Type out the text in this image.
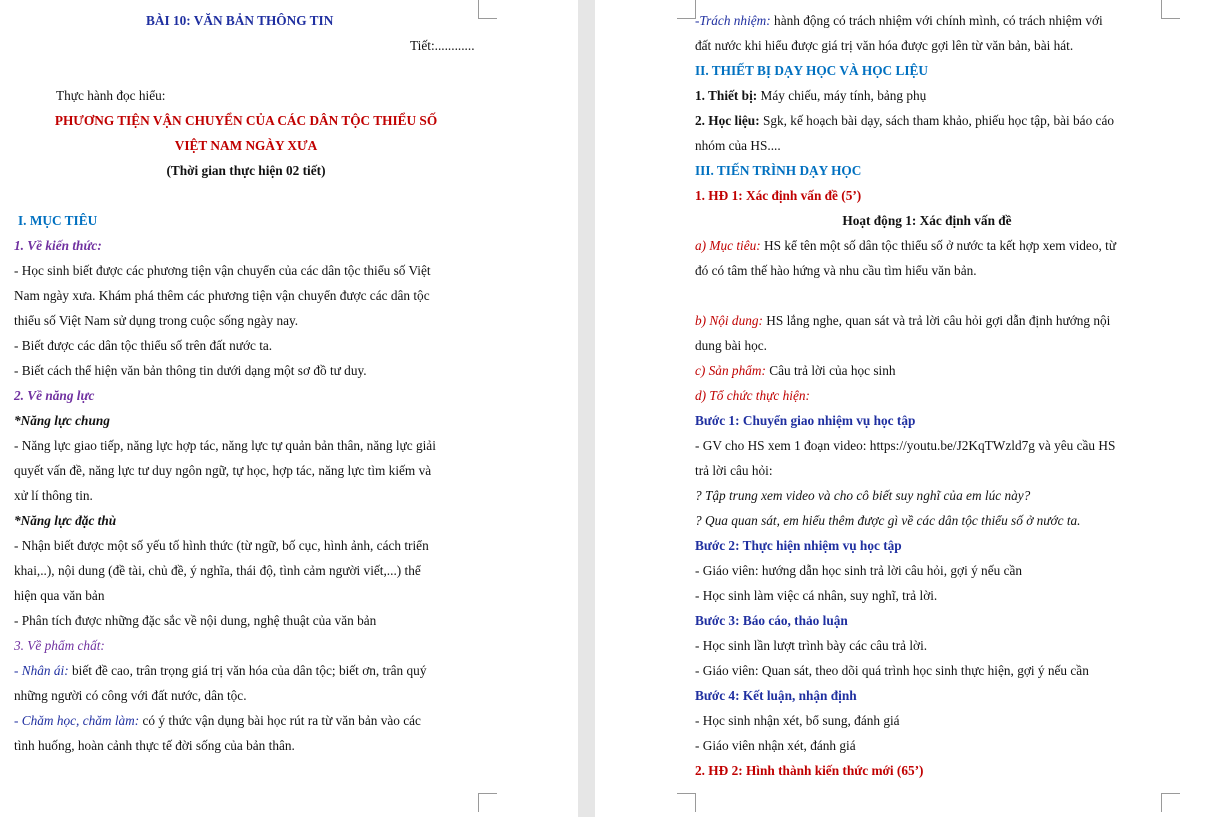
BÀI 10: VĂN BẢN THÔNG TIN
Tiết:............
Thực hành đọc hiểu:
PHƯƠNG TIỆN VẬN CHUYỂN CỦA CÁC DÂN TỘC THIỂU SỐ
VIỆT NAM NGÀY XƯA
(Thời gian thực hiện 02 tiết)
I. MỤC TIÊU
1. Về kiến thức:
- Học sinh biết được các phương tiện vận chuyển của các dân tộc thiểu số Việt
Nam ngày xưa. Khám phá thêm các phương tiện vận chuyển được các dân tộc
thiểu số Việt Nam sử dụng trong cuộc sống ngày nay.
- Biết được các dân tộc thiểu số trên đất nước ta.
- Biết cách thể hiện văn bản thông tin dưới dạng một sơ đồ tư duy.
2. Về năng lực
*Năng lực chung
- Năng lực giao tiếp, năng lực hợp tác, năng lực tự quản bản thân, năng lực giải
quyết vấn đề, năng lực tư duy ngôn ngữ, tự học, hợp tác, năng lực tìm kiếm và
xử lí thông tin.
*Năng lực đặc thù
- Nhận biết được một số yếu tố hình thức (từ ngữ, bố cục, hình ảnh, cách triển
khai,..), nội dung (đề tài, chủ đề, ý nghĩa, thái độ, tình cảm người viết,...) thể
hiện qua văn bản
- Phân tích được những đặc sắc về nội dung, nghệ thuật của văn bản
3. Về phẩm chất:
- Nhân ái: biết đề cao, trân trọng giá trị văn hóa của dân tộc; biết ơn, trân quý
những người có công với đất nước, dân tộc.
- Chăm học, chăm làm: có ý thức vận dụng bài học rút ra từ văn bản vào các
tình huống, hoàn cảnh thực tế đời sống của bản thân.
-Trách nhiệm: hành động có trách nhiệm với chính mình, có trách nhiệm với
đất nước khi hiểu được giá trị văn hóa được gợi lên từ văn bản, bài hát.
II. THIẾT BỊ DẠY HỌC VÀ HỌC LIỆU
1. Thiết bị: Máy chiếu, máy tính, bảng phụ
2. Học liệu: Sgk, kế hoạch bài dạy, sách tham khảo, phiếu học tập, bài báo cáo
nhóm của HS....
III. TIẾN TRÌNH DẠY HỌC
1. HĐ 1: Xác định vấn đề (5’)
Hoạt động 1: Xác định vấn đề
a) Mục tiêu: HS kể tên một số dân tộc thiểu số ở nước ta kết hợp xem video, từ
đó có tâm thế hào hứng và nhu cầu tìm hiểu văn bản.
b) Nội dung: HS lắng nghe, quan sát và trả lời câu hỏi gợi dẫn định hướng nội
dung bài học.
c) Sản phẩm: Câu trả lời của học sinh
d) Tổ chức thực hiện:
Bước 1: Chuyển giao nhiệm vụ học tập
- GV cho HS xem 1 đoạn video: https://youtu.be/J2KqTWzld7g và yêu cầu HS
trả lời câu hỏi:
? Tập trung xem video và cho cô biết suy nghĩ của em lúc này?
? Qua quan sát, em hiểu thêm được gì về các dân tộc thiểu số ở nước ta.
Bước 2: Thực hiện nhiệm vụ học tập
- Giáo viên: hướng dẫn học sinh trả lời câu hỏi, gợi ý nếu cần
- Học sinh làm việc cá nhân, suy nghĩ, trả lời.
Bước 3: Báo cáo, thảo luận
- Học sinh lần lượt trình bày các câu trả lời.
- Giáo viên: Quan sát, theo dõi quá trình học sinh thực hiện, gợi ý nếu cần
Bước 4: Kết luận, nhận định
- Học sinh nhận xét, bổ sung, đánh giá
- Giáo viên nhận xét, đánh giá
2. HĐ 2: Hình thành kiến thức mới (65’)
